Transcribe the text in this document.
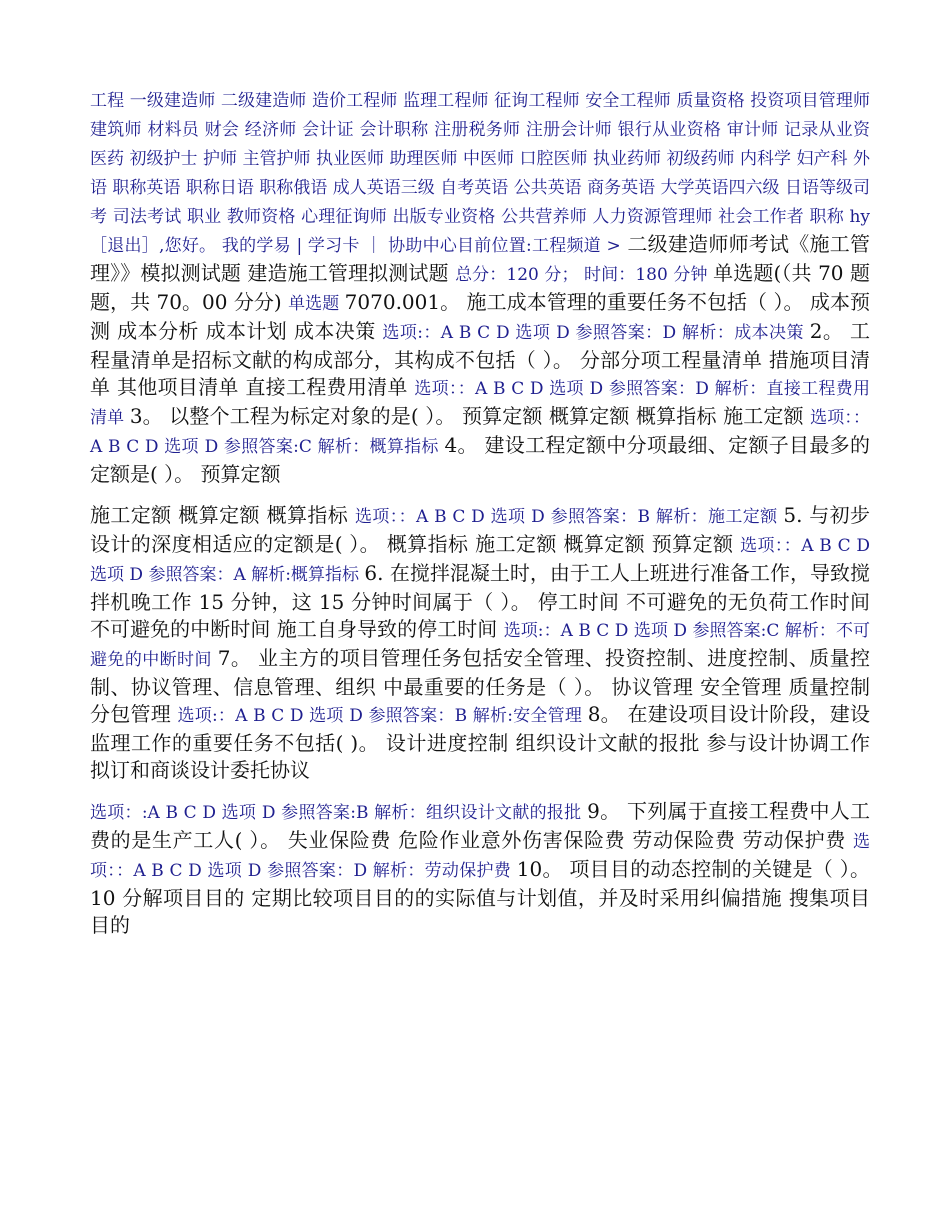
工程 一级建造师 二级建造师 造价工程师 监理工程师 征询工程师 安全工程师 质量资格 投资项目管理师建筑师 材料员 财会 经济师 会计证 会计职称 注册税务师 注册会计师 银行从业资格 审计师 记录从业资医药 初级护士 护师 主管护师 执业医师 助理医师 中医师 口腔医师 执业药师 初级药师 内科学 妇产科 外语 职称英语 职称日语 职称俄语 成人英语三级 自考英语 公共英语 商务英语 大学英语四六级 日语等级司考 司法考试 职业 教师资格 心理征询师 出版专业资格 公共营养师 人力资源管理师 社会工作者 职称 hy［退出］,您好。 我的学易 | 学习卡 ｜ 协助中心目前位置:工程频道 > 二级建造师师考试《施工管理》》模拟测试题 建造施工管理拟测试题 总分：120 分； 时间：180 分钟 单选题(（共 70 题题，共 70。00 分分) 单选题 7070.001。 施工成本管理的重要任务不包括（ ）。 成本预测 成本分析 成本计划 成本决策 选项:：A B C D 选项 D 参照答案：D 解析：成本决策 2。 工程量清单是招标文献的构成部分，其构成不包括（ ）。 分部分项工程量清单 措施项目清单 其他项目清单 直接工程费用清单 选项：：A B C D 选项 D 参照答案：D 解析：直接工程费用清单 3。 以整个工程为标定对象的是( ）。 预算定额 概算定额 概算指标 施工定额 选项：：A B C D 选项 D 参照答案:C 解析：概算指标 4。 建设工程定额中分项最细、定额子目最多的定额是( ）。 预算定额

施工定额 概算定额 概算指标 选项：：A B C D 选项 D 参照答案：B 解析：施工定额 5. 与初步设计的深度相适应的定额是( ）。 概算指标 施工定额 概算定额 预算定额 选项：：A B C D 选项 D 参照答案：A 解析:概算指标 6. 在搅拌混凝土时，由于工人上班进行准备工作，导致搅拌机晚工作 15 分钟，这 15 分钟时间属于（ ）。 停工时间 不可避免的无负荷工作时间 不可避免的中断时间 施工自身导致的停工时间 选项:：A B C D 选项 D 参照答案:C 解析：不可避免的中断时间 7。 业主方的项目管理任务包括安全管理、投资控制、进度控制、质量控制、协议管理、信息管理、组织 中最重要的任务是（ ）。 协议管理 安全管理 质量控制 分包管理 选项:：A B C D 选项 D 参照答案：B 解析:安全管理 8。 在建设项目设计阶段，建设监理工作的重要任务不包括( )。 设计进度控制 组织设计文献的报批 参与设计协调工作 拟订和商谈设计委托协议

选项：:A B C D 选项 D 参照答案:B 解析：组织设计文献的报批 9。 下列属于直接工程费中人工费的是生产工人( ）。 失业保险费 危险作业意外伤害保险费 劳动保险费 劳动保护费 选项：：A B C D 选项 D 参照答案：D 解析：劳动保护费 10。 项目目的动态控制的关键是（ ）。10 分解项目目的 定期比较项目目的的实际值与计划值，并及时采用纠偏措施 搜集项目目的
